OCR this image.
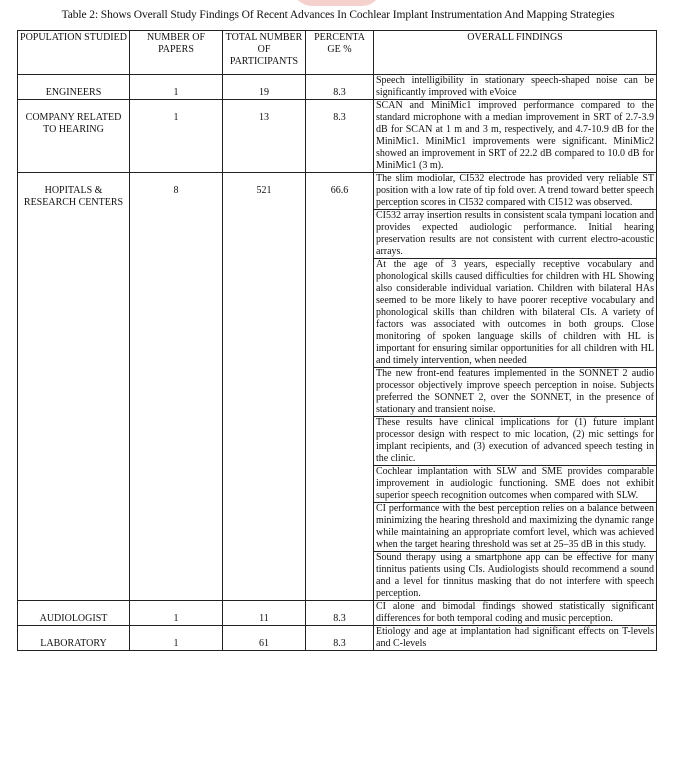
Table 2: Shows Overall Study Findings Of Recent Advances In Cochlear Implant Instrumentation And Mapping Strategies
POPULATION STUDIED	NUMBER OF PAPERS	TOTAL NUMBER OF PARTICIPANTS	PERCENTA GE %	OVERALL FINDINGS
ENGINEERS	1	19	8.3	Speech intelligibility in stationary speech-shaped noise can be significantly improved with eVoice
COMPANY RELATED TO HEARING	1	13	8.3	SCAN and MiniMic1 improved performance compared to the standard microphone with a median improvement in SRT of 2.7-3.9 dB for SCAN at 1 m and 3 m, respectively, and 4.7-10.9 dB for the MiniMic1. MiniMic1 improvements were significant. MiniMic2 showed an improvement in SRT of 22.2 dB compared to 10.0 dB for MiniMic1 (3 m).
HOPITALS & RESEARCH CENTERS	8	521	66.6	The slim modiolar, CI532 electrode has provided very reliable ST position with a low rate of tip fold over. A trend toward better speech perception scores in CI532 compared with CI512 was observed.
				CI532 array insertion results in consistent scala tympani location and provides expected audiologic performance. Initial hearing preservation results are not consistent with current electro-acoustic arrays.
				At the age of 3 years, especially receptive vocabulary and phonological skills caused difficulties for children with HL Showing also considerable individual variation. Children with bilateral HAs seemed to be more likely to have poorer receptive vocabulary and phonological skills than children with bilateral CIs. A variety of factors was associated with outcomes in both groups. Close monitoring of spoken language skills of children with HL is important for ensuring similar opportunities for all children with HL and timely intervention, when needed
				The new front-end features implemented in the SONNET 2 audio processor objectively improve speech perception in noise. Subjects preferred the SONNET 2, over the SONNET, in the presence of stationary and transient noise.
				These results have clinical implications for (1) future implant processor design with respect to mic location, (2) mic settings for implant recipients, and (3) execution of advanced speech testing in the clinic.
				Cochlear implantation with SLW and SME provides comparable improvement in audiologic functioning. SME does not exhibit superior speech recognition outcomes when compared with SLW.
				CI performance with the best perception relies on a balance between minimizing the hearing threshold and maximizing the dynamic range while maintaining an appropriate comfort level, which was achieved when the target hearing threshold was set at 25–35 dB in this study.
				Sound therapy using a smartphone app can be effective for many tinnitus patients using CIs. Audiologists should recommend a sound and a level for tinnitus masking that do not interfere with speech perception.
AUDIOLOGIST	1	11	8.3	CI alone and bimodal findings showed statistically significant differences for both temporal coding and music perception.
LABORATORY	1	61	8.3	Etiology and age at implantation had significant effects on T-levels and C-levels
